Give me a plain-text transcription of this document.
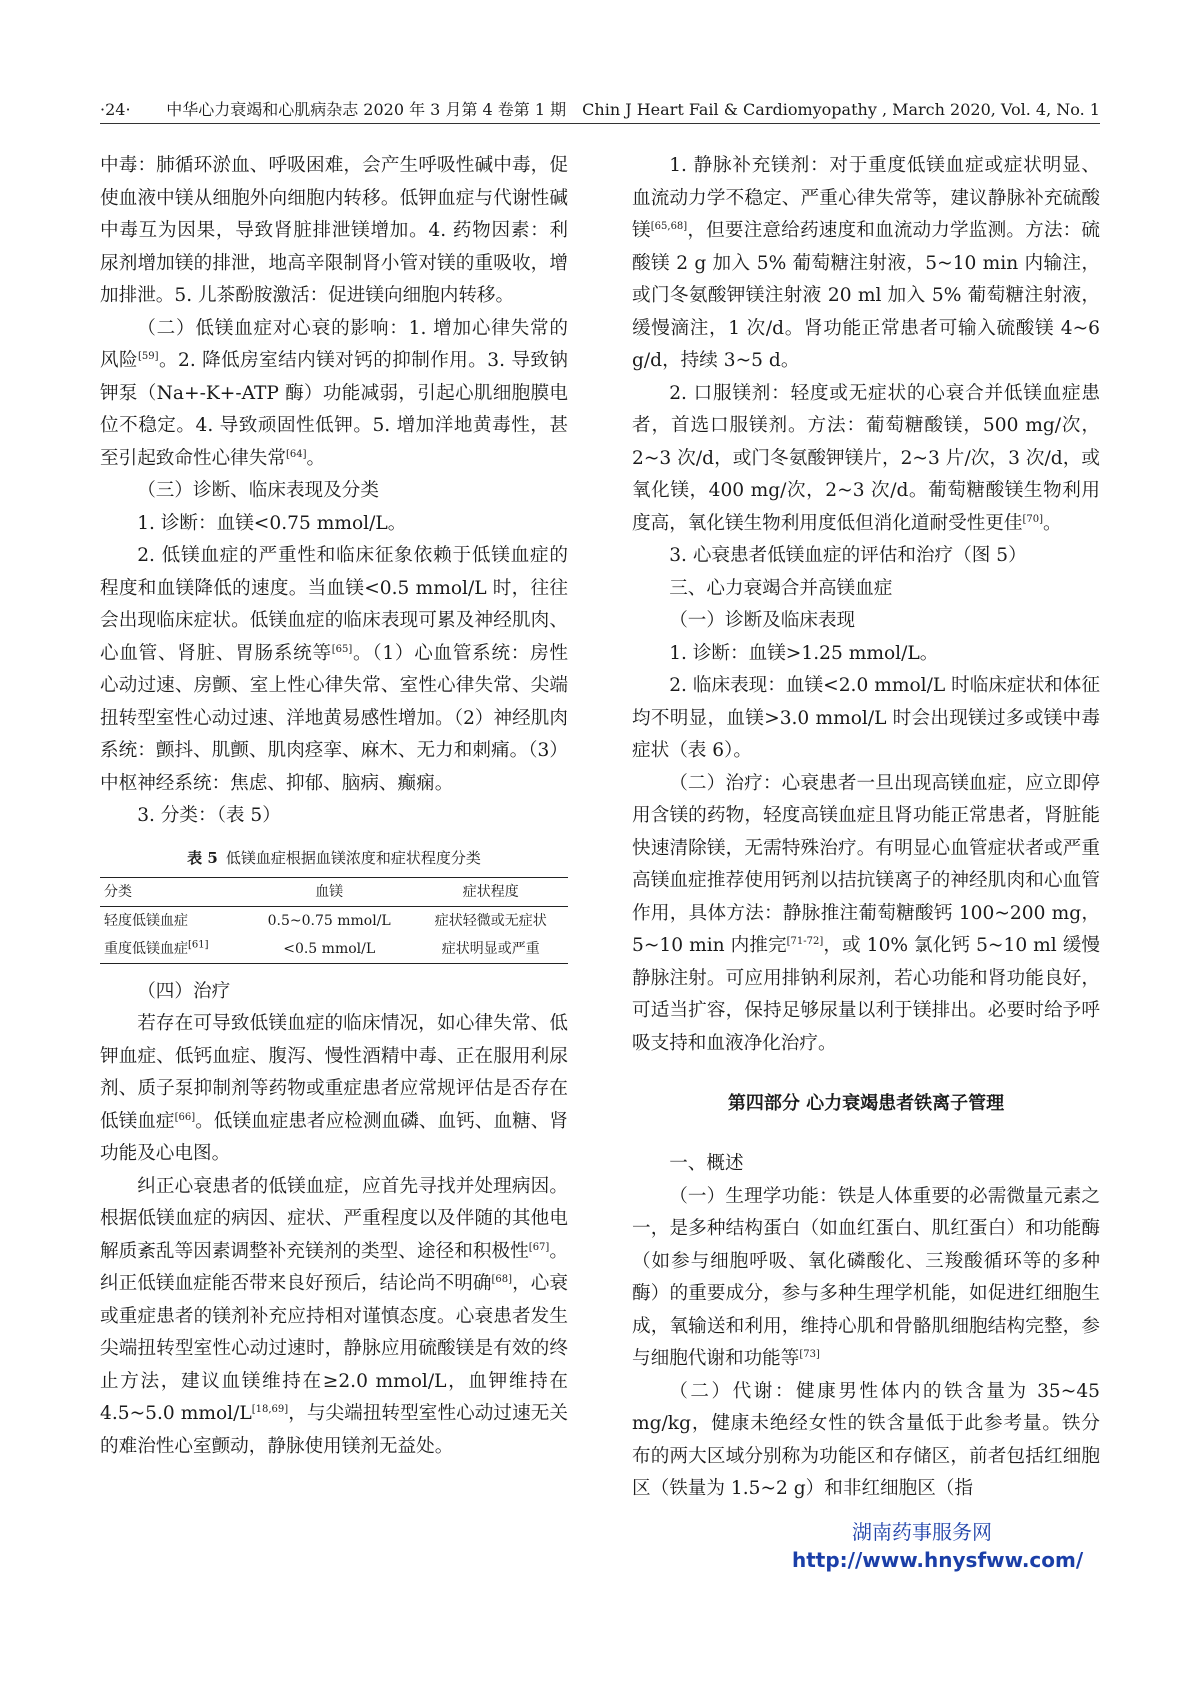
·24· 中华心力衰竭和心肌病杂志 2020 年 3 月第 4 卷第 1 期　Chin J Heart Fail & Cardiomyopathy , March 2020, Vol. 4, No. 1

中毒：肺循环淤血、呼吸困难，会产生呼吸性碱中毒，促使血液中镁从细胞外向细胞内转移。低钾血症与代谢性碱中毒互为因果，导致肾脏排泄镁增加。4. 药物因素：利尿剂增加镁的排泄，地高辛限制肾小管对镁的重吸收，增加排泄。5. 儿茶酚胺激活：促进镁向细胞内转移。

（二）低镁血症对心衰的影响：1. 增加心律失常的风险[59]。2. 降低房室结内镁对钙的抑制作用。3. 导致钠钾泵（Na+-K+-ATP 酶）功能减弱，引起心肌细胞膜电位不稳定。4. 导致顽固性低钾。5. 增加洋地黄毒性，甚至引起致命性心律失常[64]。

（三）诊断、临床表现及分类

1. 诊断：血镁<0.75 mmol/L。

2. 低镁血症的严重性和临床征象依赖于低镁血症的程度和血镁降低的速度。当血镁<0.5 mmol/L 时，往往会出现临床症状。低镁血症的临床表现可累及神经肌肉、心血管、肾脏、胃肠系统等[65]。（1）心血管系统：房性心动过速、房颤、室上性心律失常、室性心律失常、尖端扭转型室性心动过速、洋地黄易感性增加。（2）神经肌肉系统：颤抖、肌颤、肌肉痉挛、麻木、无力和刺痛。（3）中枢神经系统：焦虑、抑郁、脑病、癫痫。

3. 分类：（表 5）

表 5 低镁血症根据血镁浓度和症状程度分类
分类	血镁	症状程度
轻度低镁血症	0.5~0.75 mmol/L	症状轻微或无症状
重度低镁血症[61]	<0.5 mmol/L	症状明显或严重

（四）治疗

若存在可导致低镁血症的临床情况，如心律失常、低钾血症、低钙血症、腹泻、慢性酒精中毒、正在服用利尿剂、质子泵抑制剂等药物或重症患者应常规评估是否存在低镁血症[66]。低镁血症患者应检测血磷、血钙、血糖、肾功能及心电图。

纠正心衰患者的低镁血症，应首先寻找并处理病因。根据低镁血症的病因、症状、严重程度以及伴随的其他电解质紊乱等因素调整补充镁剂的类型、途径和积极性[67]。纠正低镁血症能否带来良好预后，结论尚不明确[68]，心衰或重症患者的镁剂补充应持相对谨慎态度。心衰患者发生尖端扭转型室性心动过速时，静脉应用硫酸镁是有效的终止方法，建议血镁维持在≥2.0 mmol/L，血钾维持在 4.5~5.0 mmol/L[18,69]，与尖端扭转型室性心动过速无关的难治性心室颤动，静脉使用镁剂无益处。

1. 静脉补充镁剂：对于重度低镁血症或症状明显、血流动力学不稳定、严重心律失常等，建议静脉补充硫酸镁[65,68]，但要注意给药速度和血流动力学监测。方法：硫酸镁 2 g 加入 5% 葡萄糖注射液，5~10 min 内输注，或门冬氨酸钾镁注射液 20 ml 加入 5% 葡萄糖注射液，缓慢滴注，1 次/d。肾功能正常患者可输入硫酸镁 4~6 g/d，持续 3~5 d。

2. 口服镁剂：轻度或无症状的心衰合并低镁血症患者，首选口服镁剂。方法：葡萄糖酸镁，500 mg/次，2~3 次/d，或门冬氨酸钾镁片，2~3 片/次，3 次/d，或氧化镁，400 mg/次，2~3 次/d。葡萄糖酸镁生物利用度高，氧化镁生物利用度低但消化道耐受性更佳[70]。

3. 心衰患者低镁血症的评估和治疗（图 5）

三、心力衰竭合并高镁血症

（一）诊断及临床表现

1. 诊断：血镁>1.25 mmol/L。

2. 临床表现：血镁<2.0 mmol/L 时临床症状和体征均不明显，血镁>3.0 mmol/L 时会出现镁过多或镁中毒症状（表 6）。

（二）治疗：心衰患者一旦出现高镁血症，应立即停用含镁的药物，轻度高镁血症且肾功能正常患者，肾脏能快速清除镁，无需特殊治疗。有明显心血管症状者或严重高镁血症推荐使用钙剂以拮抗镁离子的神经肌肉和心血管作用，具体方法：静脉推注葡萄糖酸钙 100~200 mg，5~10 min 内推完[71-72]，或 10% 氯化钙 5~10 ml 缓慢静脉注射。可应用排钠利尿剂，若心功能和肾功能良好，可适当扩容，保持足够尿量以利于镁排出。必要时给予呼吸支持和血液净化治疗。

第四部分 心力衰竭患者铁离子管理

一、概述

（一）生理学功能：铁是人体重要的必需微量元素之一，是多种结构蛋白（如血红蛋白、肌红蛋白）和功能酶（如参与细胞呼吸、氧化磷酸化、三羧酸循环等的多种酶）的重要成分，参与多种生理学机能，如促进红细胞生成，氧输送和利用，维持心肌和骨骼肌细胞结构完整，参与细胞代谢和功能等[73]

（二）代谢：健康男性体内的铁含量为 35~45 mg/kg，健康未绝经女性的铁含量低于此参考量。铁分布的两大区域分别称为功能区和存储区，前者包括红细胞区（铁量为 1.5~2 g）和非红细胞区（指

湖南药事服务网
http://www.hnysfww.com/
